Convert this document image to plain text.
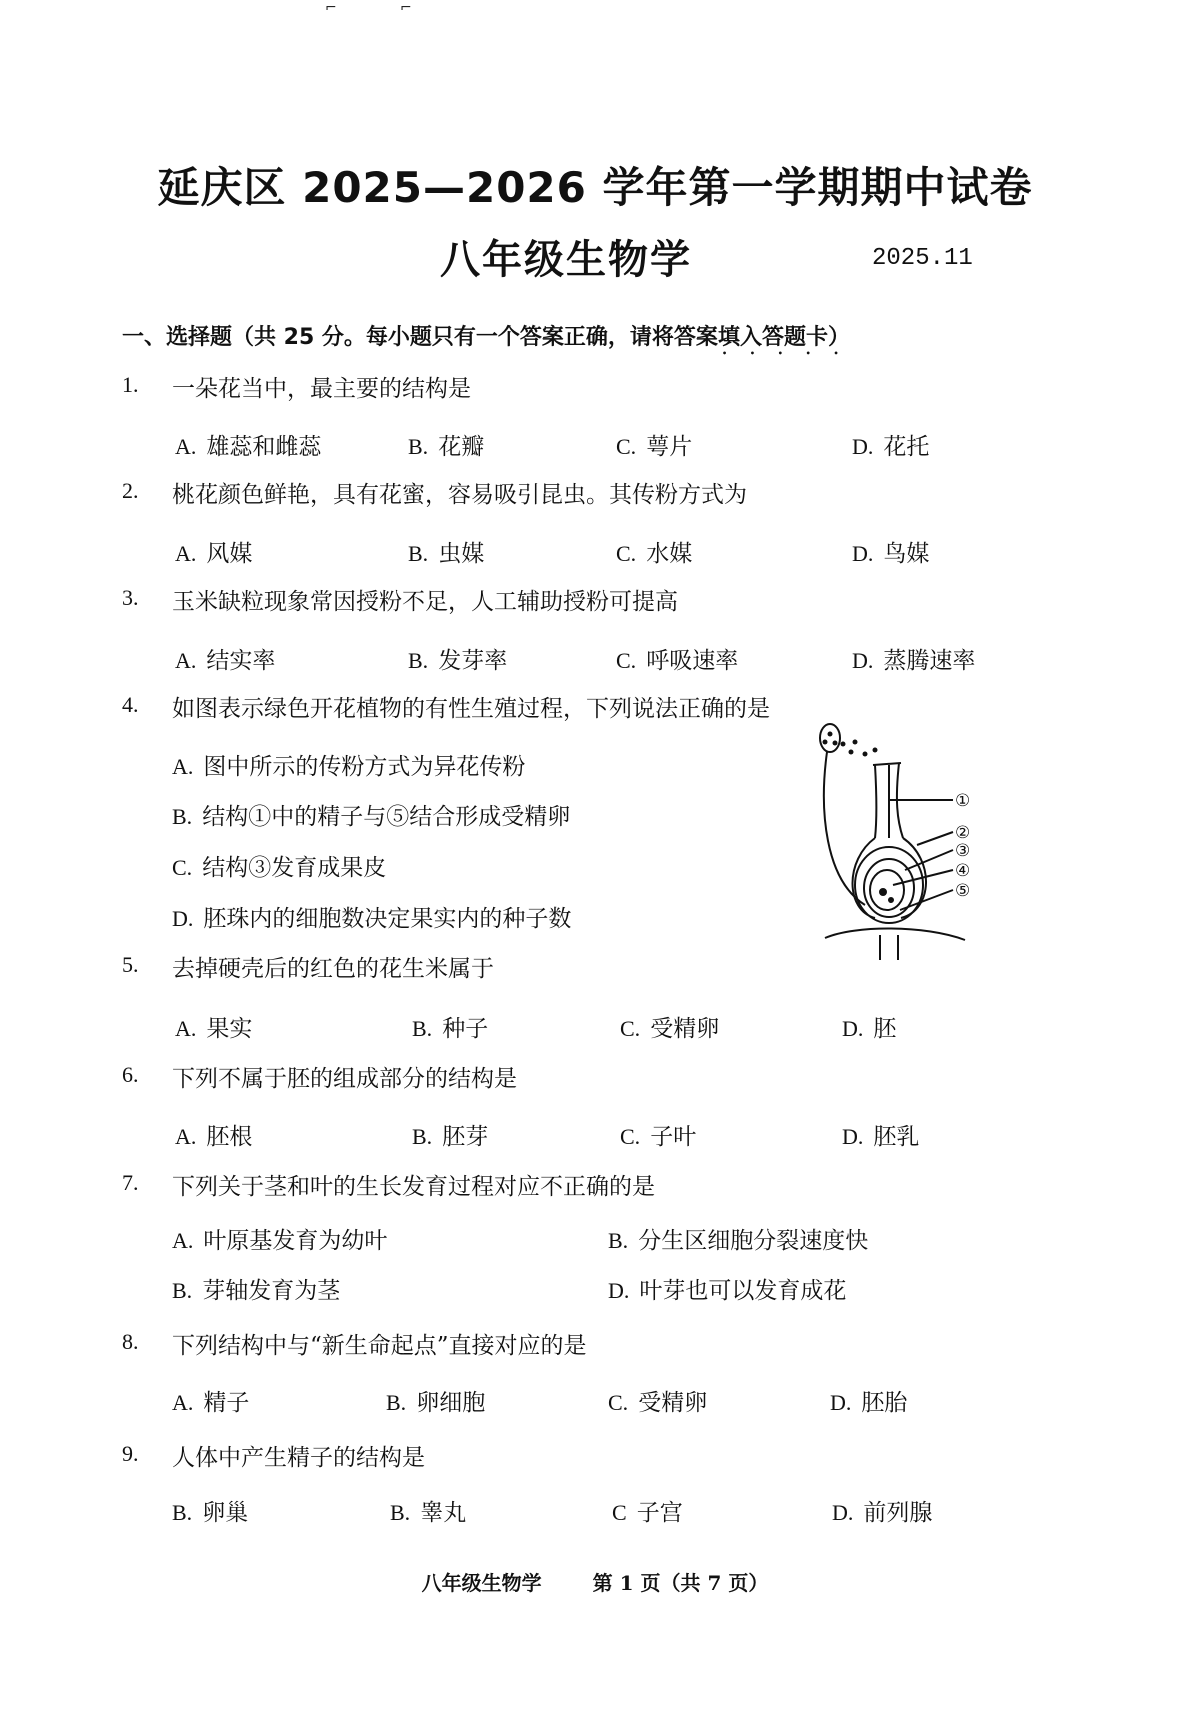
⌐	⌐
延庆区 2025—2026 学年第一学期期中试卷
八年级生物学	2025.11
一、选择题（共 25 分。每小题只有一个答案正确，请将答案填入答题卡 • • •）
1. 一朵花当中，最主要的结构是
A. 雄蕊和雌蕊	B. 花瓣	C. 萼片	D. 花托
2. 桃花颜色鲜艳，具有花蜜，容易吸引昆虫。其传粉方式为
A. 风媒	B. 虫媒	C. 水媒	D. 鸟媒
3. 玉米缺粒现象常因授粉不足，人工辅助授粉可提高
A. 结实率	B. 发芽率	C. 呼吸速率	D. 蒸腾速率
4. 如图表示绿色开花植物的有性生殖过程，下列说法正确的是
A. 图中所示的传粉方式为异花传粉
B. 结构①中的精子与⑤结合形成受精卵
C. 结构③发育成果皮
D. 胚珠内的细胞数决定果实内的种子数
①
②
③
④
⑤
5. 去掉硬壳后的红色的花生米属于
A. 果实	B. 种子	C. 受精卵	D. 胚
6. 下列不属于胚的组成部分的结构是
A. 胚根	B. 胚芽	C. 子叶	D. 胚乳
7. 下列关于茎和叶的生长发育过程对应不正确的是
A. 叶原基发育为幼叶	B. 分生区细胞分裂速度快
B. 芽轴发育为茎	D. 叶芽也可以发育成花
8. 下列结构中与“新生命起点”直接对应的是
A. 精子	B. 卵细胞	C. 受精卵	D. 胚胎
9. 人体中产生精子的结构是
B. 卵巢	B. 睾丸	C 子宫	D. 前列腺
八年级生物学	第 1 页（共 7 页）
